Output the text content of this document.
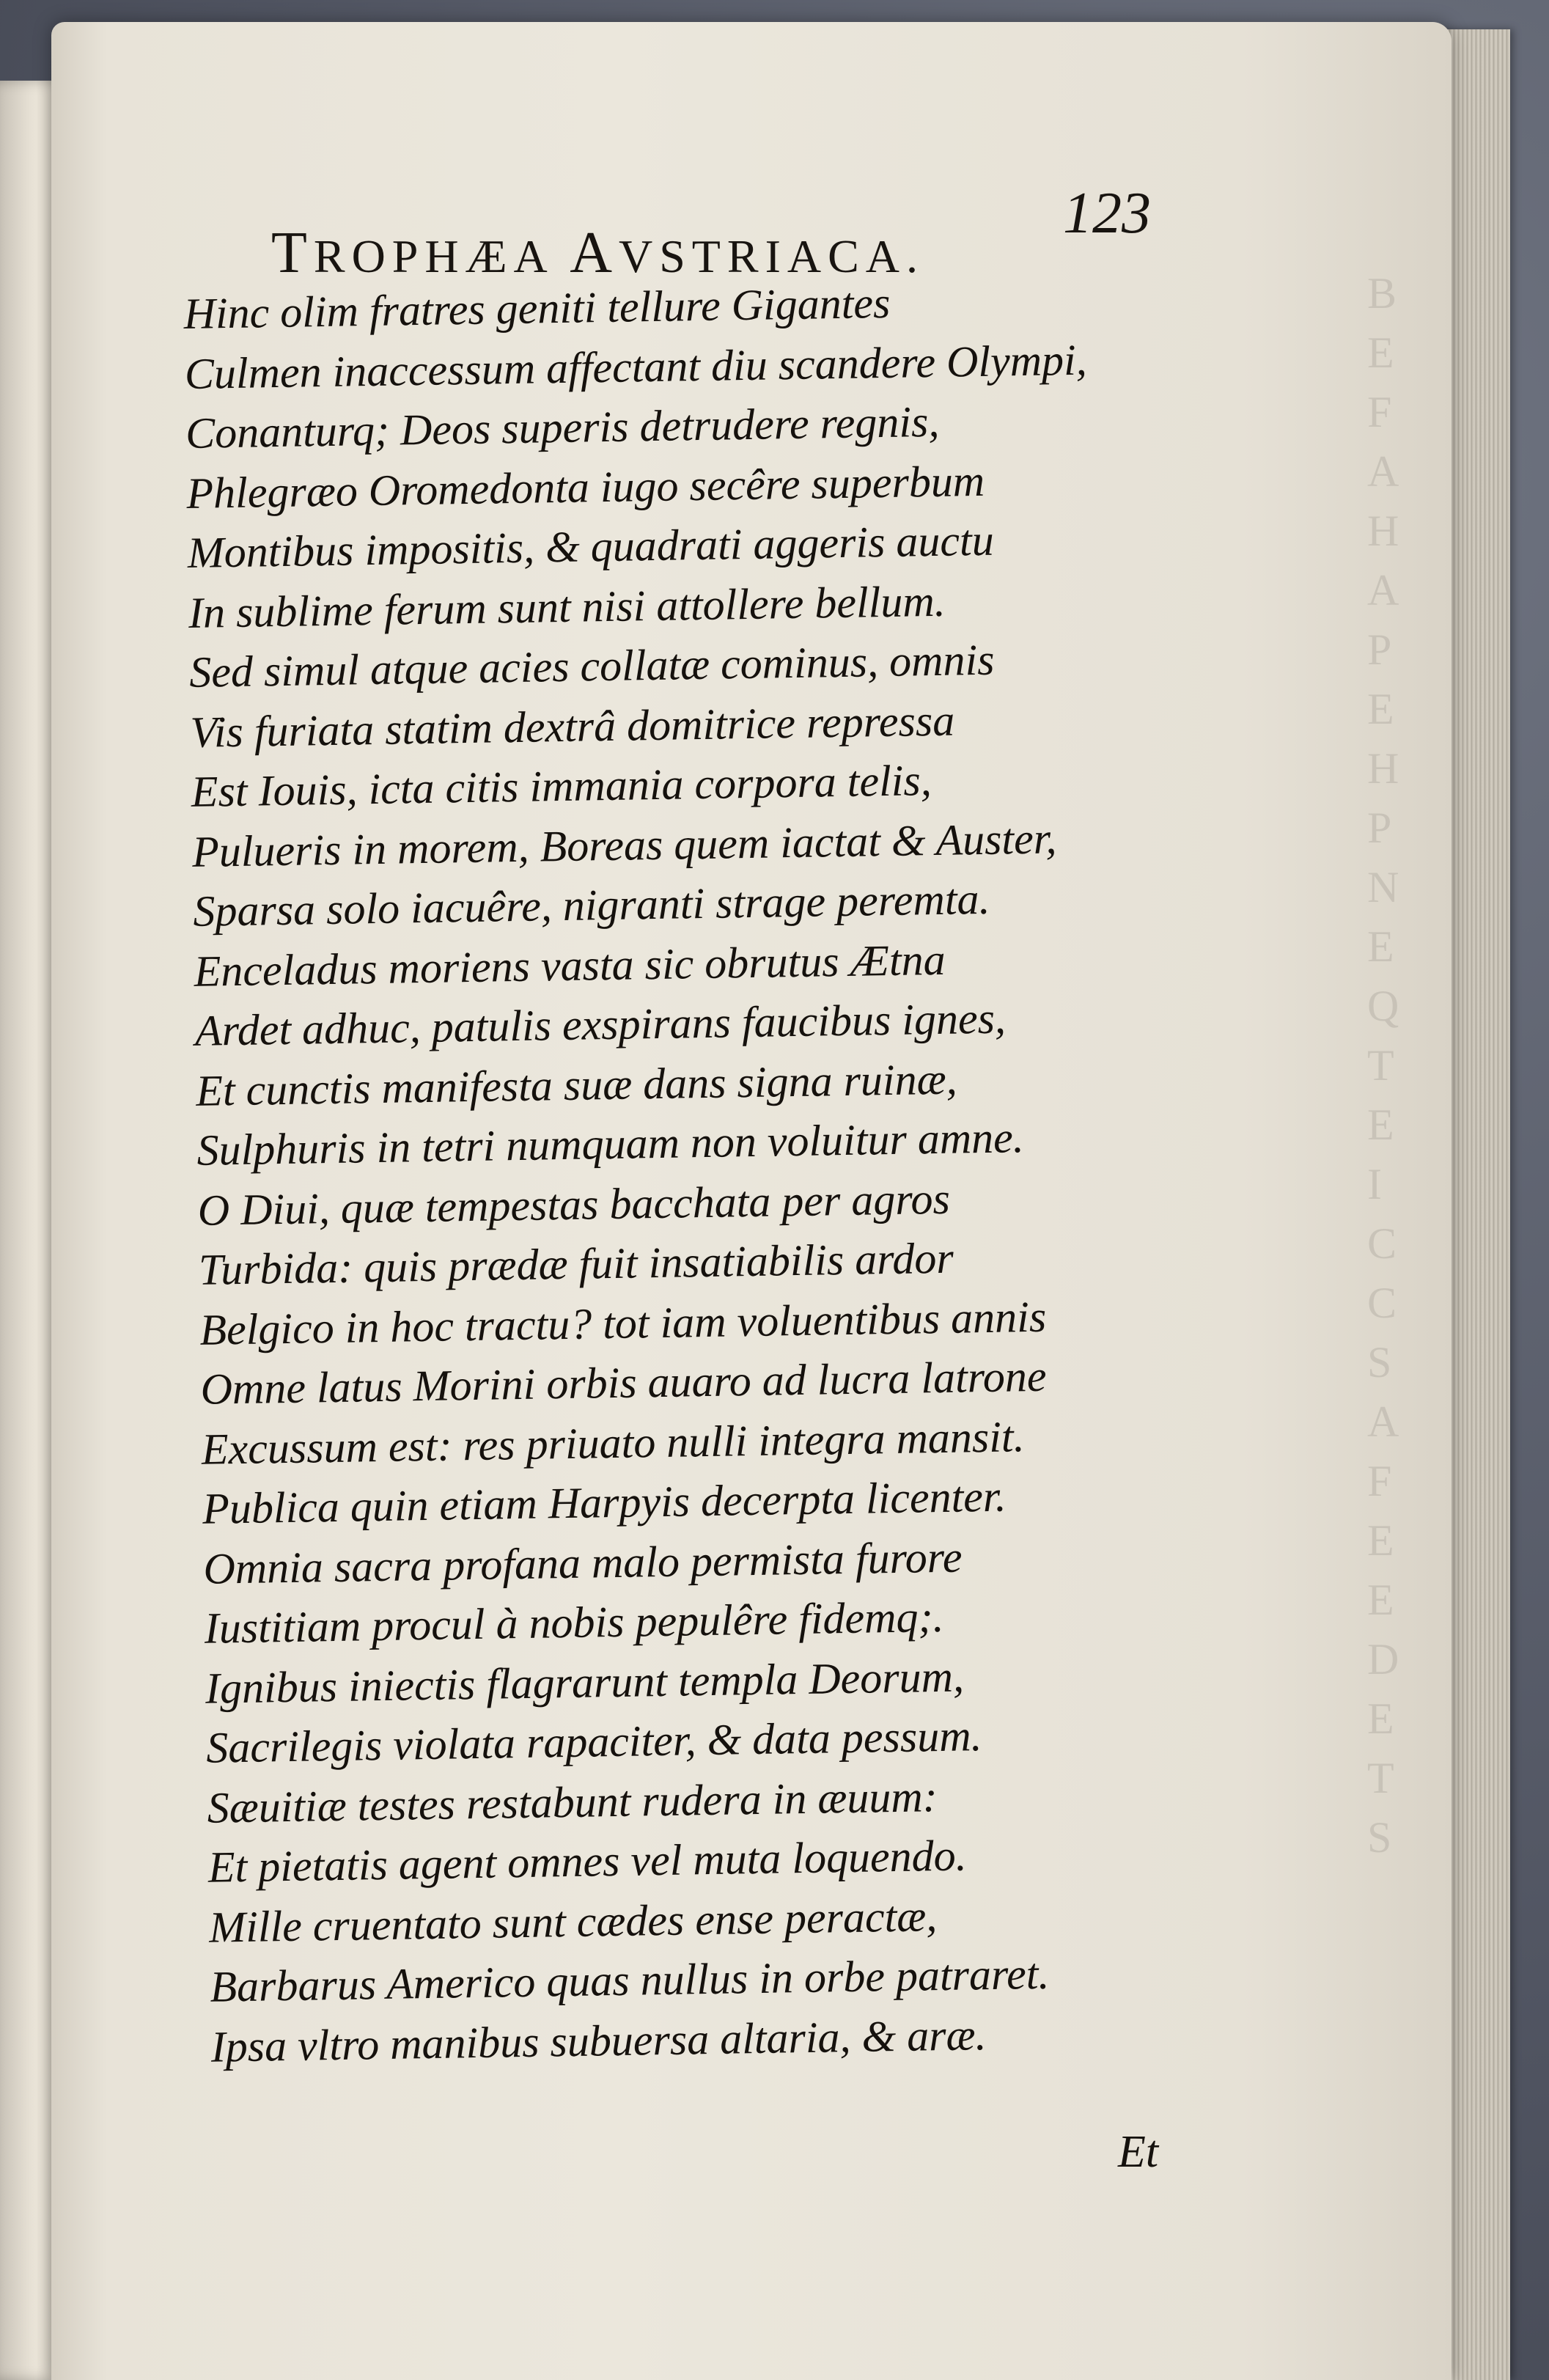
B
E
F
A
H
A
P
E
H
P
N
E
Q
T
E
I
C
C
S
A
F
E
E
D
E
T
S
TROPHÆA AVSTRIACA.
123
Hinc olim fratres geniti tellure Gigantes
Culmen inaccessum affectant diu scandere Olympi,
Conanturq; Deos superis detrudere regnis,
Phlegræo Oromedonta iugo secêre superbum
Montibus impositis, & quadrati aggeris auctu
In sublime ferum sunt nisi attollere bellum.
Sed simul atque acies collatæ cominus, omnis
Vis furiata statim dextrâ domitrice repressa
Est Iouis, icta citis immania corpora telis,
Pulueris in morem, Boreas quem iactat & Auster,
Sparsa solo iacuêre, nigranti strage peremta.
Enceladus moriens vasta sic obrutus Ætna
Ardet adhuc, patulis exspirans faucibus ignes,
Et cunctis manifesta suæ dans signa ruinæ,
Sulphuris in tetri numquam non voluitur amne.
O Diui, quæ tempestas bacchata per agros
Turbida: quis prædæ fuit insatiabilis ardor
Belgico in hoc tractu? tot iam voluentibus annis
Omne latus Morini orbis auaro ad lucra latrone
Excussum est: res priuato nulli integra mansit.
Publica quin etiam Harpyis decerpta licenter.
Omnia sacra profana malo permista furore
Iustitiam procul à nobis pepulêre fidemq;.
Ignibus iniectis flagrarunt templa Deorum,
Sacrilegis violata rapaciter, & data pessum.
Sæuitiæ testes restabunt rudera in æuum:
Et pietatis agent omnes vel muta loquendo.
Mille cruentato sunt cædes ense peractæ,
Barbarus Americo quas nullus in orbe patraret.
Ipsa vltro manibus subuersa altaria, & aræ.
Et
